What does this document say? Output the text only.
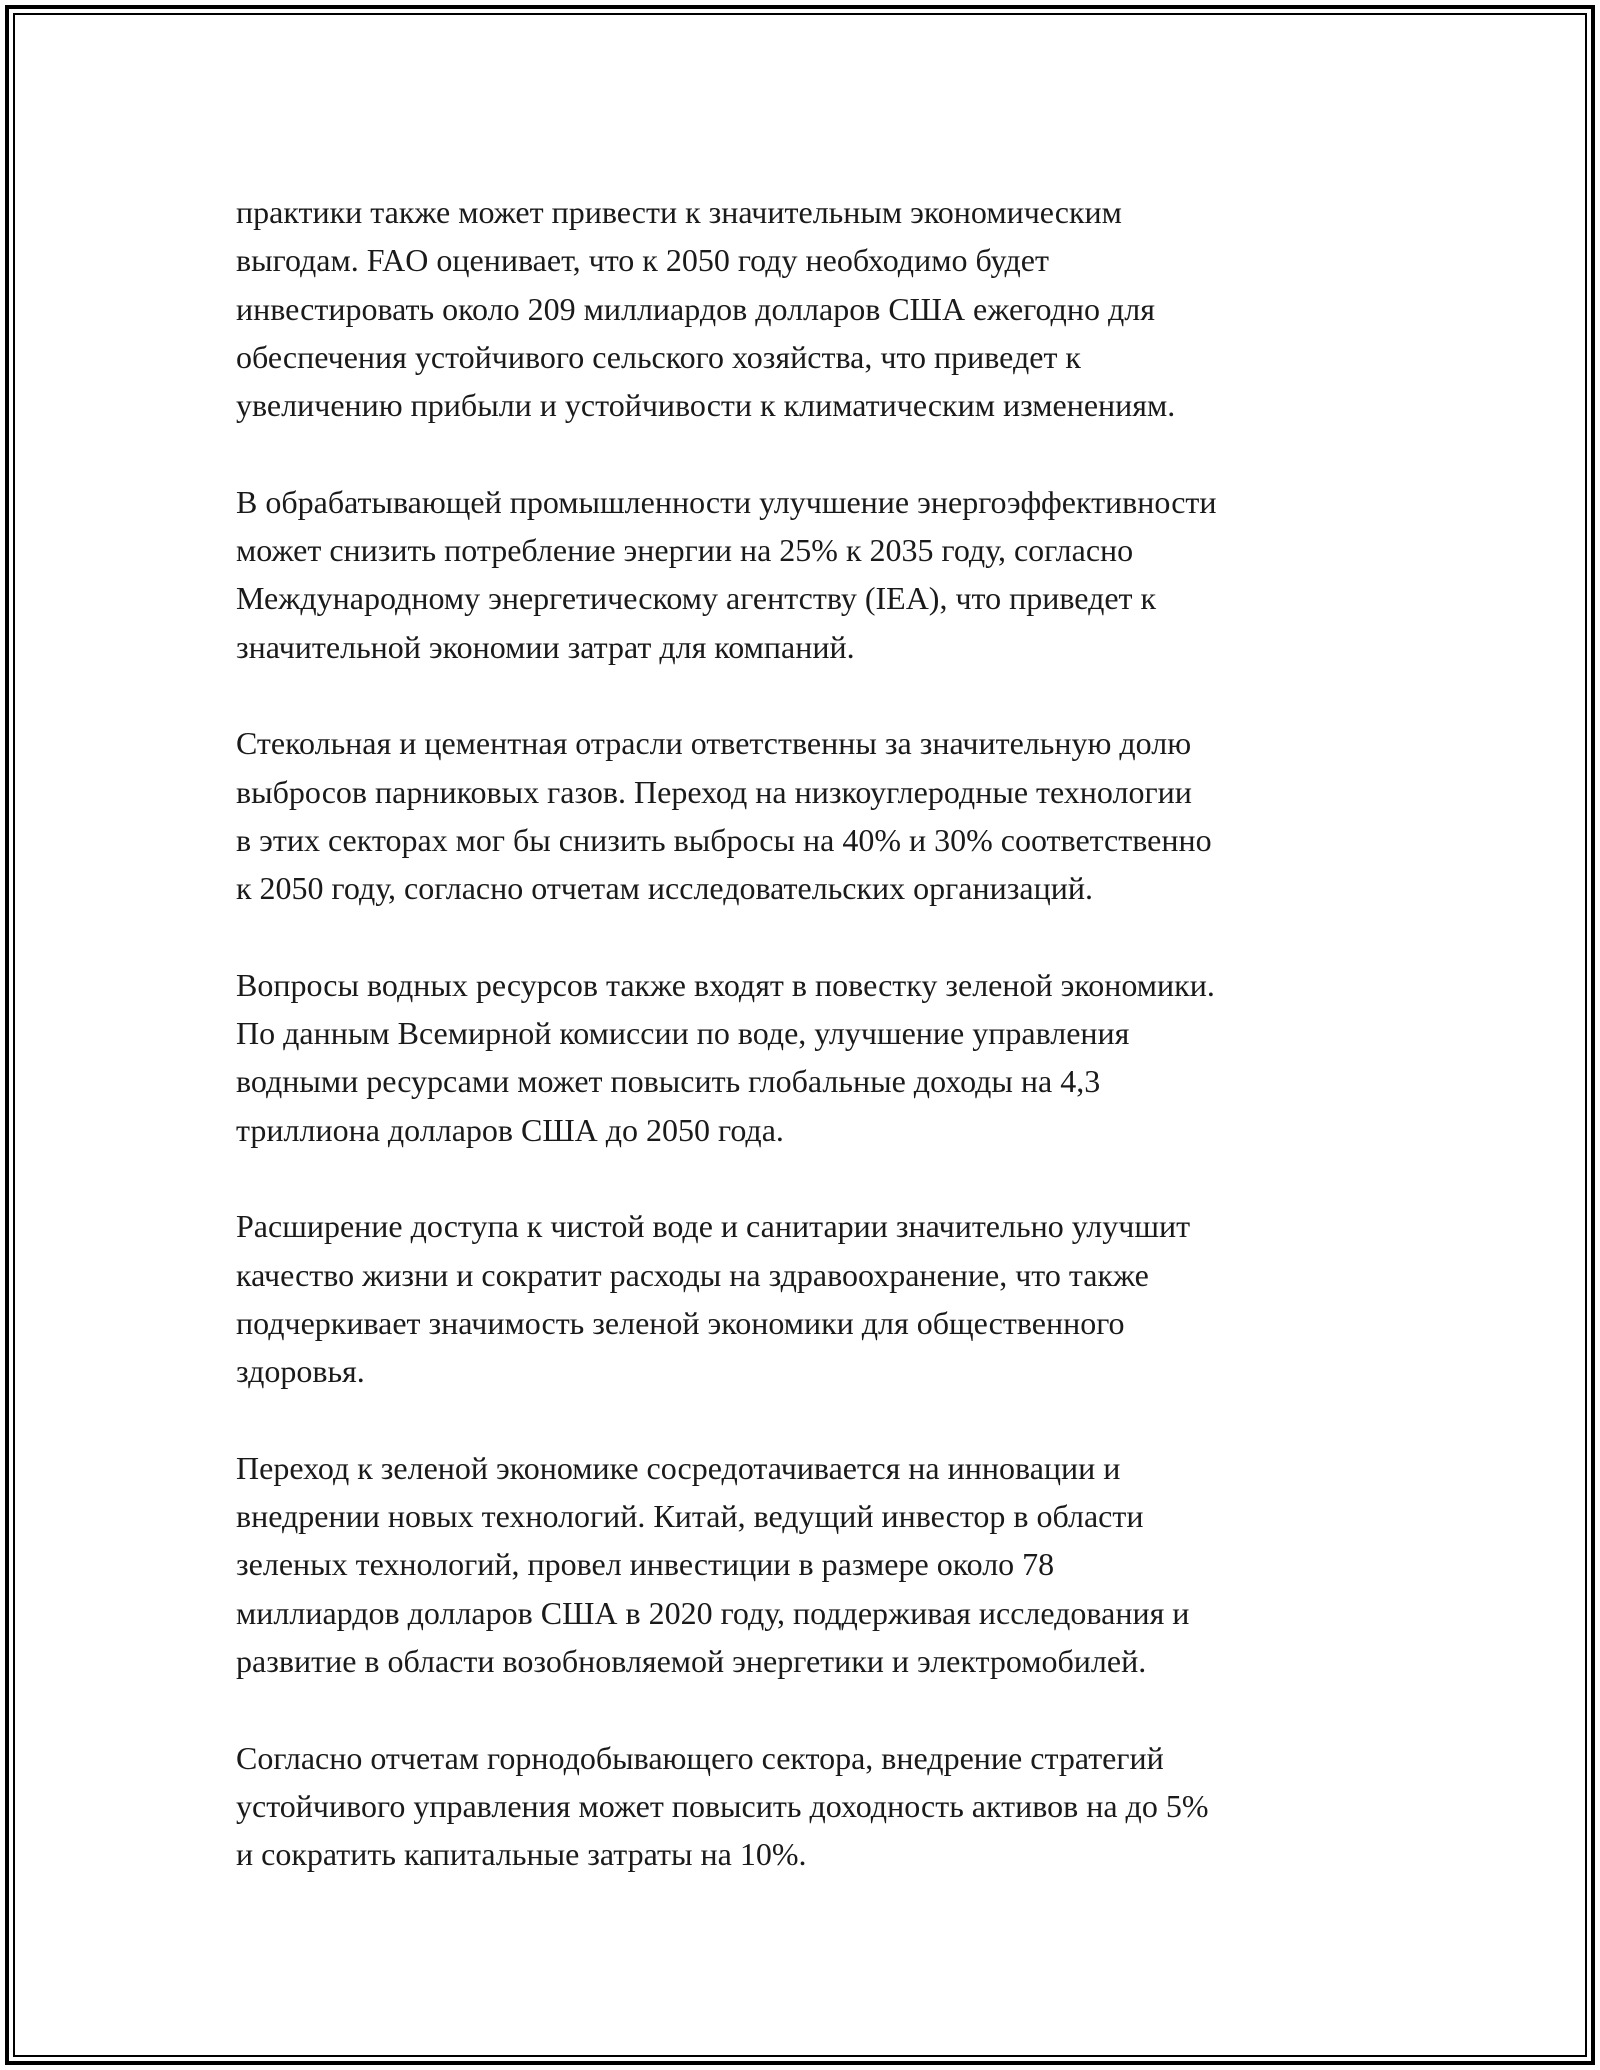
практики также может привести к значительным экономическим
выгодам. FAO оценивает, что к 2050 году необходимо будет
инвестировать около 209 миллиардов долларов США ежегодно для
обеспечения устойчивого сельского хозяйства, что приведет к
увеличению прибыли и устойчивости к климатическим изменениям.

В обрабатывающей промышленности улучшение энергоэффективности
может снизить потребление энергии на 25% к 2035 году, согласно
Международному энергетическому агентству (IEA), что приведет к
значительной экономии затрат для компаний.

Стекольная и цементная отрасли ответственны за значительную долю
выбросов парниковых газов. Переход на низкоуглеродные технологии
в этих секторах мог бы снизить выбросы на 40% и 30% соответственно
к 2050 году, согласно отчетам исследовательских организаций.

Вопросы водных ресурсов также входят в повестку зеленой экономики.
По данным Всемирной комиссии по воде, улучшение управления
водными ресурсами может повысить глобальные доходы на 4,3
триллиона долларов США до 2050 года.

Расширение доступа к чистой воде и санитарии значительно улучшит
качество жизни и сократит расходы на здравоохранение, что также
подчеркивает значимость зеленой экономики для общественного
здоровья.

Переход к зеленой экономике сосредотачивается на инновации и
внедрении новых технологий. Китай, ведущий инвестор в области
зеленых технологий, провел инвестиции в размере около 78
миллиардов долларов США в 2020 году, поддерживая исследования и
развитие в области возобновляемой энергетики и электромобилей.

Согласно отчетам горнодобывающего сектора, внедрение стратегий
устойчивого управления может повысить доходность активов на до 5%
и сократить капитальные затраты на 10%.
